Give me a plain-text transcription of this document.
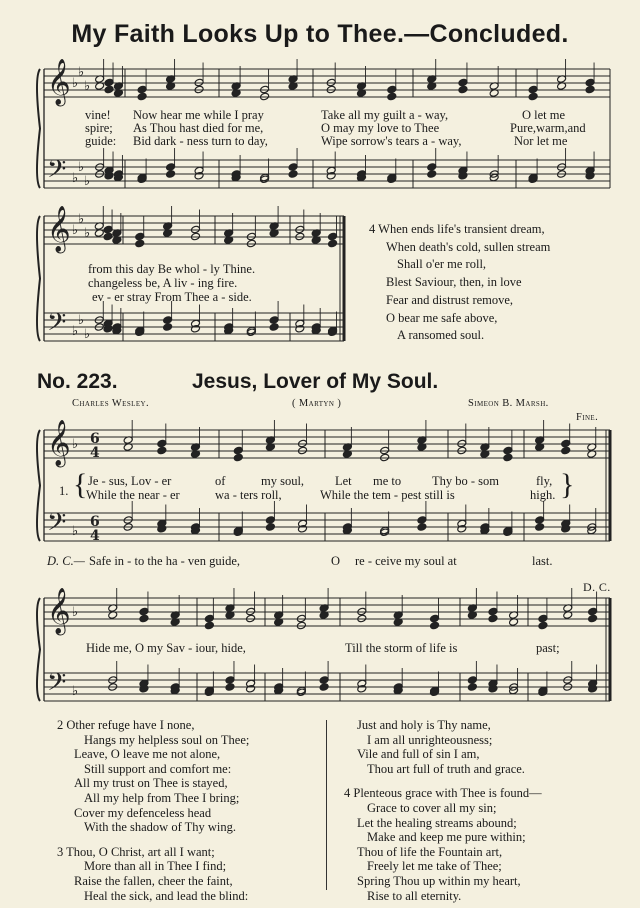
𝄞
𝄢
♭
♭
♭
♭
♭
♭
𝄞
𝄢
♭
♭
♭
♭
♭
♭
𝄞
𝄢
♭
♭
6
4
6
4
𝄞
𝄢
♭
♭
My Faith Looks Up to Thee.—Concluded.
vine! Now hear me while I pray	Take all my guilt a - way,	O let me
spire; As Thou hast died for me,	O may my love to Thee	Pure,warm,and
guide: Bid dark - ness turn to day,	Wipe sorrow's tears a - way,	Nor let me
from this day Be whol - ly Thine.
changeless be, A liv - ing fire.
ev - er stray From Thee a - side.
4 When ends life's transient dream,
When death's cold, sullen stream
Shall o'er me roll,
Blest Saviour, then, in love
Fear and distrust remove,
O bear me safe above,
A ransomed soul.
No. 223.	Jesus, Lover of My Soul.
Charles Wesley.	( Martyn )	Simeon B. Marsh.
Fine.
1. {	}
Je - sus, Lov - er	of	my soul, Let me to Thy bo - som	fly,
While the near - er	wa - ters roll,	While the tem - pest still is	high.
D. C.— Safe in - to the ha - ven guide,	O re - ceive my soul at	last.
D. C.
Hide me, O my Sav - iour, hide,	Till the storm of life is	past;
2 Other refuge have I none,
Hangs my helpless soul on Thee;
Leave, O leave me not alone,
Still support and comfort me:
All my trust on Thee is stayed,
All my help from Thee I bring;
Cover my defenceless head
With the shadow of Thy wing.
3 Thou, O Christ, art all I want;
More than all in Thee I find;
Raise the fallen, cheer the faint,
Heal the sick, and lead the blind:
Just and holy is Thy name,
I am all unrighteousness;
Vile and full of sin I am,
Thou art full of truth and grace.
4 Plenteous grace with Thee is found—
Grace to cover all my sin;
Let the healing streams abound;
Make and keep me pure within;
Thou of life the Fountain art,
Freely let me take of Thee;
Spring Thou up within my heart,
Rise to all eternity.
